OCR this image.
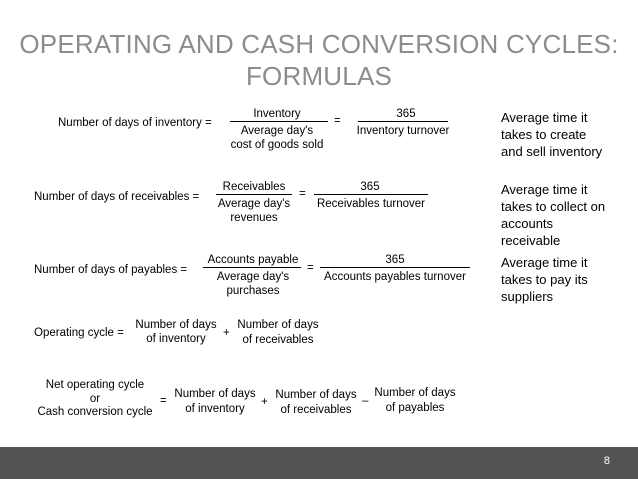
OPERATING AND CASH CONVERSION CYCLES:
FORMULAS
Number of days of inventory =
Inventory
Average day's
cost of goods sold
=
365
Inventory turnover
Average time it takes to create and sell inventory
Number of days of receivables =
Receivables
Average day's
revenues
=
365
Receivables turnover
Average time it takes to collect on accounts receivable
Number of days of payables =
Accounts payable
Average day's
purchases
=
365
Accounts payables turnover
Average time it takes to pay its suppliers
Operating cycle =
Number of days
of inventory	+
Number of days
of receivables
Net operating cycle
or
Cash conversion cycle
=
Number of days
of inventory
+
Number of days
of receivables
–
Number of days
of payables
8
